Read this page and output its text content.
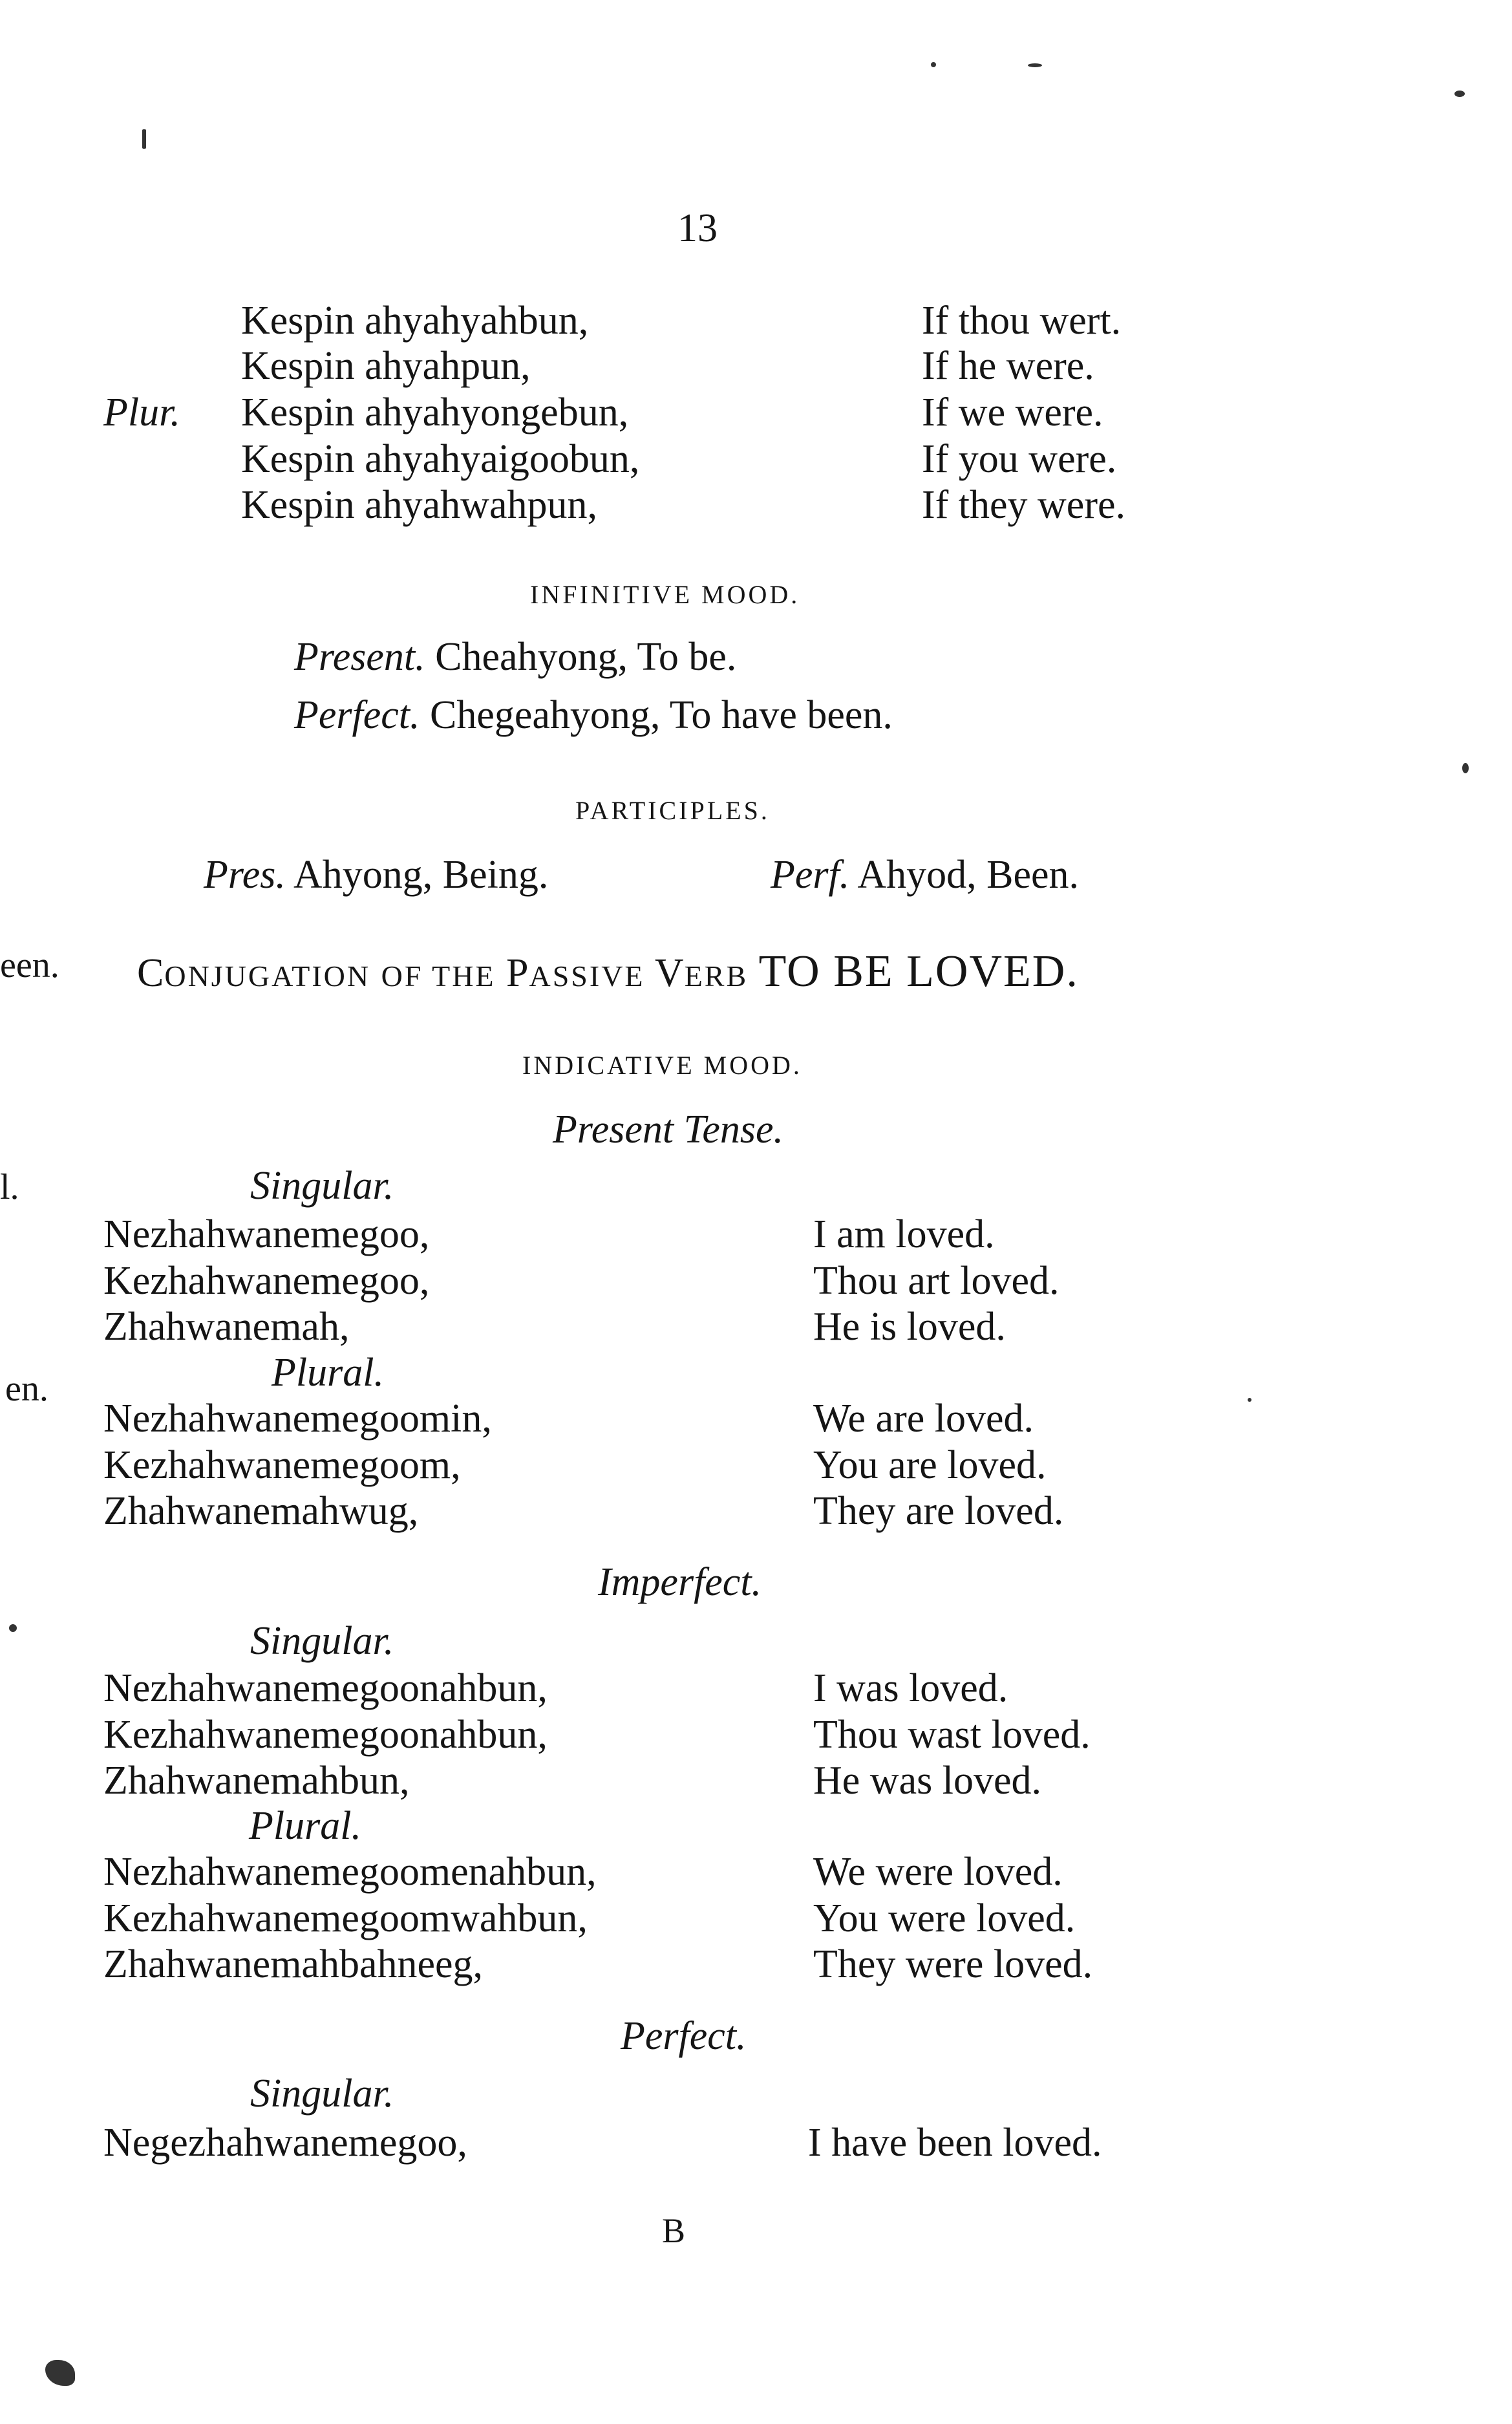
13
Kespin ahyahyahbun,	If thou wert.
Kespin ahyahpun,	If he were.
Plur. Kespin ahyahyongebun,	If we were.
Kespin ahyahyaigoobun,	If you were.
Kespin ahyahwahpun,	If they were.
INFINITIVE MOOD.
Present. Cheahyong, To be.
Perfect. Chegeahyong, To have been.
PARTICIPLES.
Pres. Ahyong, Being.	Perf. Ahyod, Been.
een.
l.
en.
CONJUGATION OF THE PASSIVE VERB TO BE LOVED.
INDICATIVE MOOD.
Present Tense.
Singular.
Nezhahwanemegoo,	I am loved.
Kezhahwanemegoo,	Thou art loved.
Zhahwanemah,	He is loved.
Plural.
Nezhahwanemegoomin,	We are loved.
Kezhahwanemegoom,	You are loved.
Zhahwanemahwug,	They are loved.
Imperfect.
Singular.
Nezhahwanemegoonahbun,	I was loved.
Kezhahwanemegoonahbun,	Thou wast loved.
Zhahwanemahbun,	He was loved.
Plural.
Nezhahwanemegoomenahbun,	We were loved.
Kezhahwanemegoomwahbun,	You were loved.
Zhahwanemahbahneeg,	They were loved.
Perfect.
Singular.
Negezhahwanemegoo,	I have been loved.
B
